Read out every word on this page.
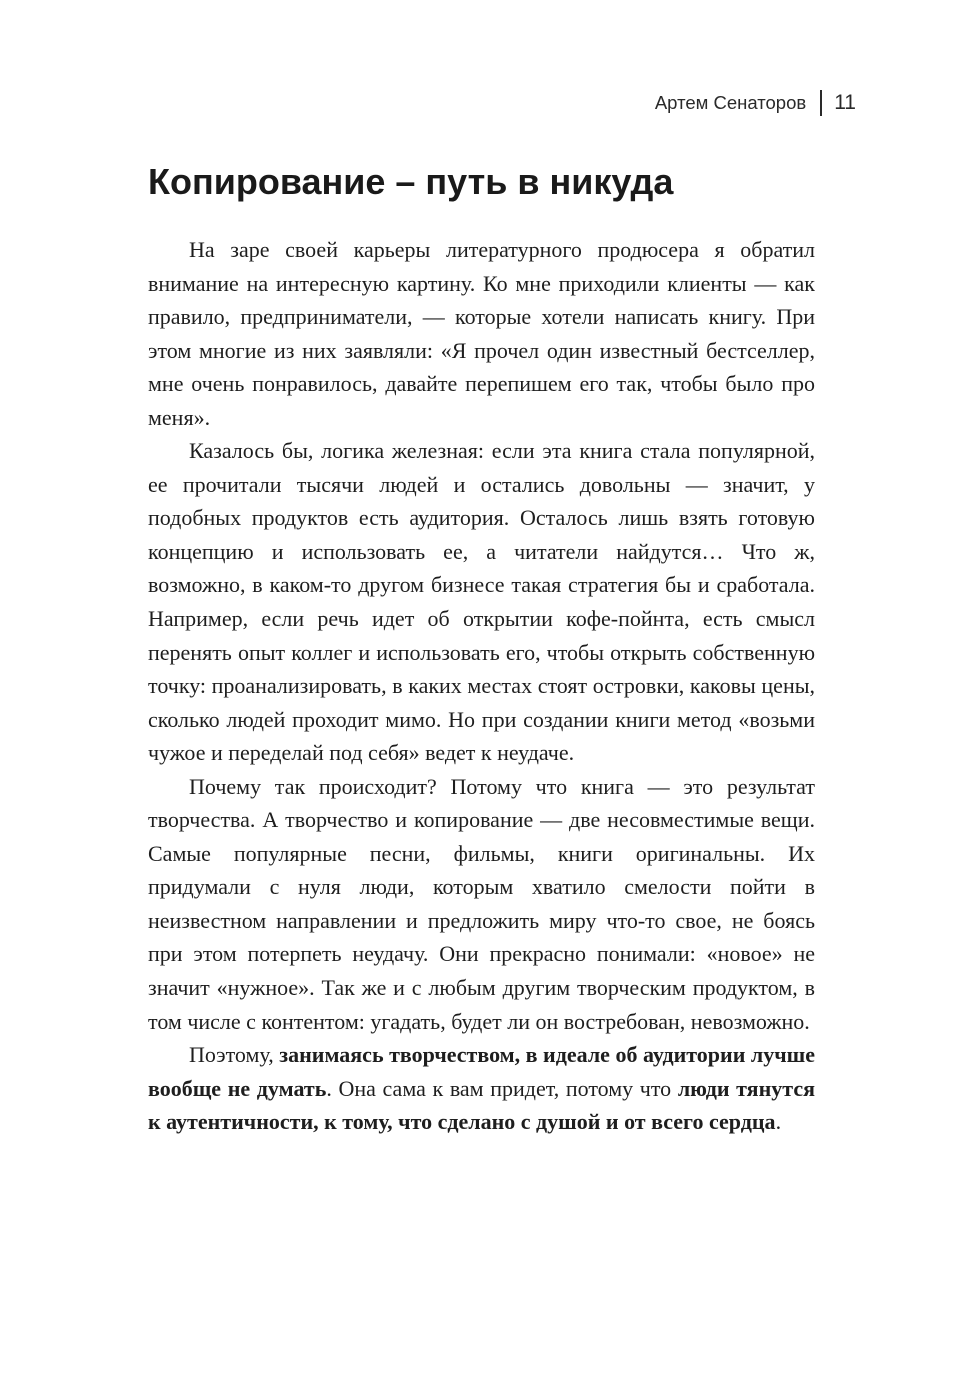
Артем Сенаторов 11
Копирование – путь в никуда

На заре своей карьеры литературного продюсера я обратил внимание на интересную картину. Ко мне приходили клиенты — как правило, предприниматели, — которые хотели написать книгу. При этом многие из них заявляли: «Я прочел один известный бестселлер, мне очень понравилось, давайте перепишем его так, чтобы было про меня».

Казалось бы, логика железная: если эта книга стала популярной, ее прочитали тысячи людей и остались довольны — значит, у подобных продуктов есть аудитория. Осталось лишь взять готовую концепцию и использовать ее, а читатели найдутся… Что ж, возможно, в каком-то другом бизнесе такая стратегия бы и сработала. Например, если речь идет об открытии кофе-пойнта, есть смысл перенять опыт коллег и использовать его, чтобы открыть собственную точку: проанализировать, в каких местах стоят островки, каковы цены, сколько людей проходит мимо. Но при создании книги метод «возьми чужое и переделай под себя» ведет к неудаче.

Почему так происходит? Потому что книга — это результат творчества. А творчество и копирование — две несовместимые вещи. Самые популярные песни, фильмы, книги оригинальны. Их придумали с нуля люди, которым хватило смелости пойти в неизвестном направлении и предложить миру что-то свое, не боясь при этом потерпеть неудачу. Они прекрасно понимали: «новое» не значит «нужное». Так же и с любым другим творческим продуктом, в том числе с контентом: угадать, будет ли он востребован, невозможно.

Поэтому, занимаясь творчеством, в идеале об аудитории лучше вообще не думать. Она сама к вам придет, потому что люди тянутся к аутентичности, к тому, что сделано с душой и от всего сердца.
